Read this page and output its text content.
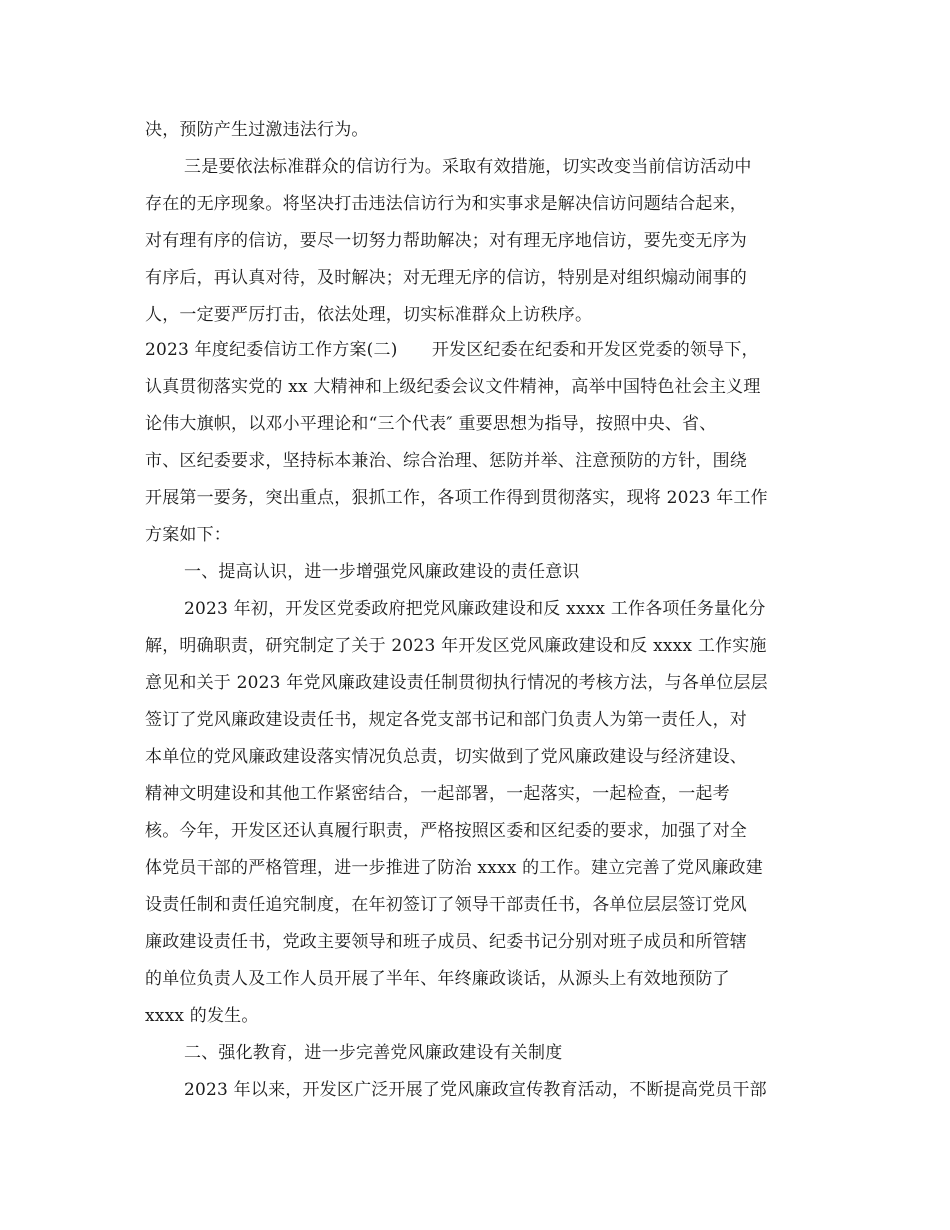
决，预防产生过激违法行为。
三是要依法标准群众的信访行为。采取有效措施，切实改变当前信访活动中
存在的无序现象。将坚决打击违法信访行为和实事求是解决信访问题结合起来，
对有理有序的信访，要尽一切努力帮助解决；对有理无序地信访，要先变无序为
有序后，再认真对待，及时解决；对无理无序的信访，特别是对组织煽动闹事的
人，一定要严厉打击，依法处理，切实标准群众上访秩序。
2023 年度纪委信访工作方案(二)　　开发区纪委在纪委和开发区党委的领导下，
认真贯彻落实党的 xx 大精神和上级纪委会议文件精神，高举中国特色社会主义理
论伟大旗帜，以邓小平理论和“三个代表″ 重要思想为指导，按照中央、省、
市、区纪委要求，坚持标本兼治、综合治理、惩防并举、注意预防的方针，围绕
开展第一要务，突出重点，狠抓工作，各项工作得到贯彻落实，现将 2023 年工作
方案如下：
一、提高认识，进一步增强党风廉政建设的责任意识
2023 年初，开发区党委政府把党风廉政建设和反 xxxx 工作各项任务量化分
解，明确职责，研究制定了关于 2023 年开发区党风廉政建设和反 xxxx 工作实施
意见和关于 2023 年党风廉政建设责任制贯彻执行情况的考核方法，与各单位层层
签订了党风廉政建设责任书，规定各党支部书记和部门负责人为第一责任人，对
本单位的党风廉政建设落实情况负总责，切实做到了党风廉政建设与经济建设、
精神文明建设和其他工作紧密结合，一起部署，一起落实，一起检查，一起考
核。今年，开发区还认真履行职责，严格按照区委和区纪委的要求，加强了对全
体党员干部的严格管理，进一步推进了防治 xxxx 的工作。建立完善了党风廉政建
设责任制和责任追究制度，在年初签订了领导干部责任书，各单位层层签订党风
廉政建设责任书，党政主要领导和班子成员、纪委书记分别对班子成员和所管辖
的单位负责人及工作人员开展了半年、年终廉政谈话，从源头上有效地预防了
xxxx 的发生。
二、强化教育，进一步完善党风廉政建设有关制度
2023 年以来，开发区广泛开展了党风廉政宣传教育活动，不断提高党员干部
